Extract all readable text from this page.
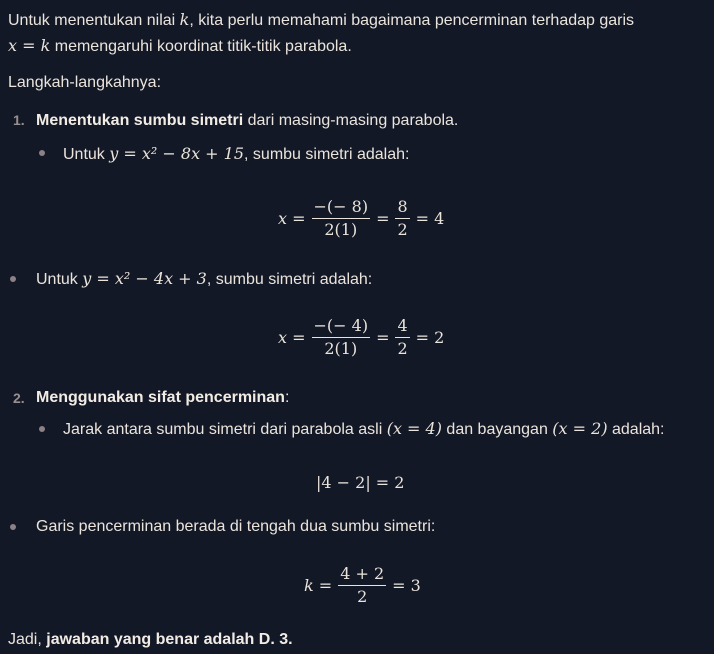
Untuk menentukan nilai k, kita perlu memahami bagaimana pencerminan terhadap garis
x = k memengaruhi koordinat titik-titik parabola.
Langkah-langkahnya:
1. Menentukan sumbu simetri dari masing-masing parabola.
Untuk y = x² − 8x + 15, sumbu simetri adalah:
$x = \frac{-(- 8)}{2(1)} = \frac{8}{2} = 4$
Untuk y = x² − 4x + 3, sumbu simetri adalah:
$x = \frac{-(- 4)}{2(1)} = \frac{4}{2} = 2$
2. Menggunakan sifat pencerminan:
Jarak antara sumbu simetri dari parabola asli (x = 4) dan bayangan (x = 2) adalah:
|4 − 2| = 2
Garis pencerminan berada di tengah dua sumbu simetri:
$k = \frac{4 + 2}{2} = 3$
Jadi, jawaban yang benar adalah D. 3.
